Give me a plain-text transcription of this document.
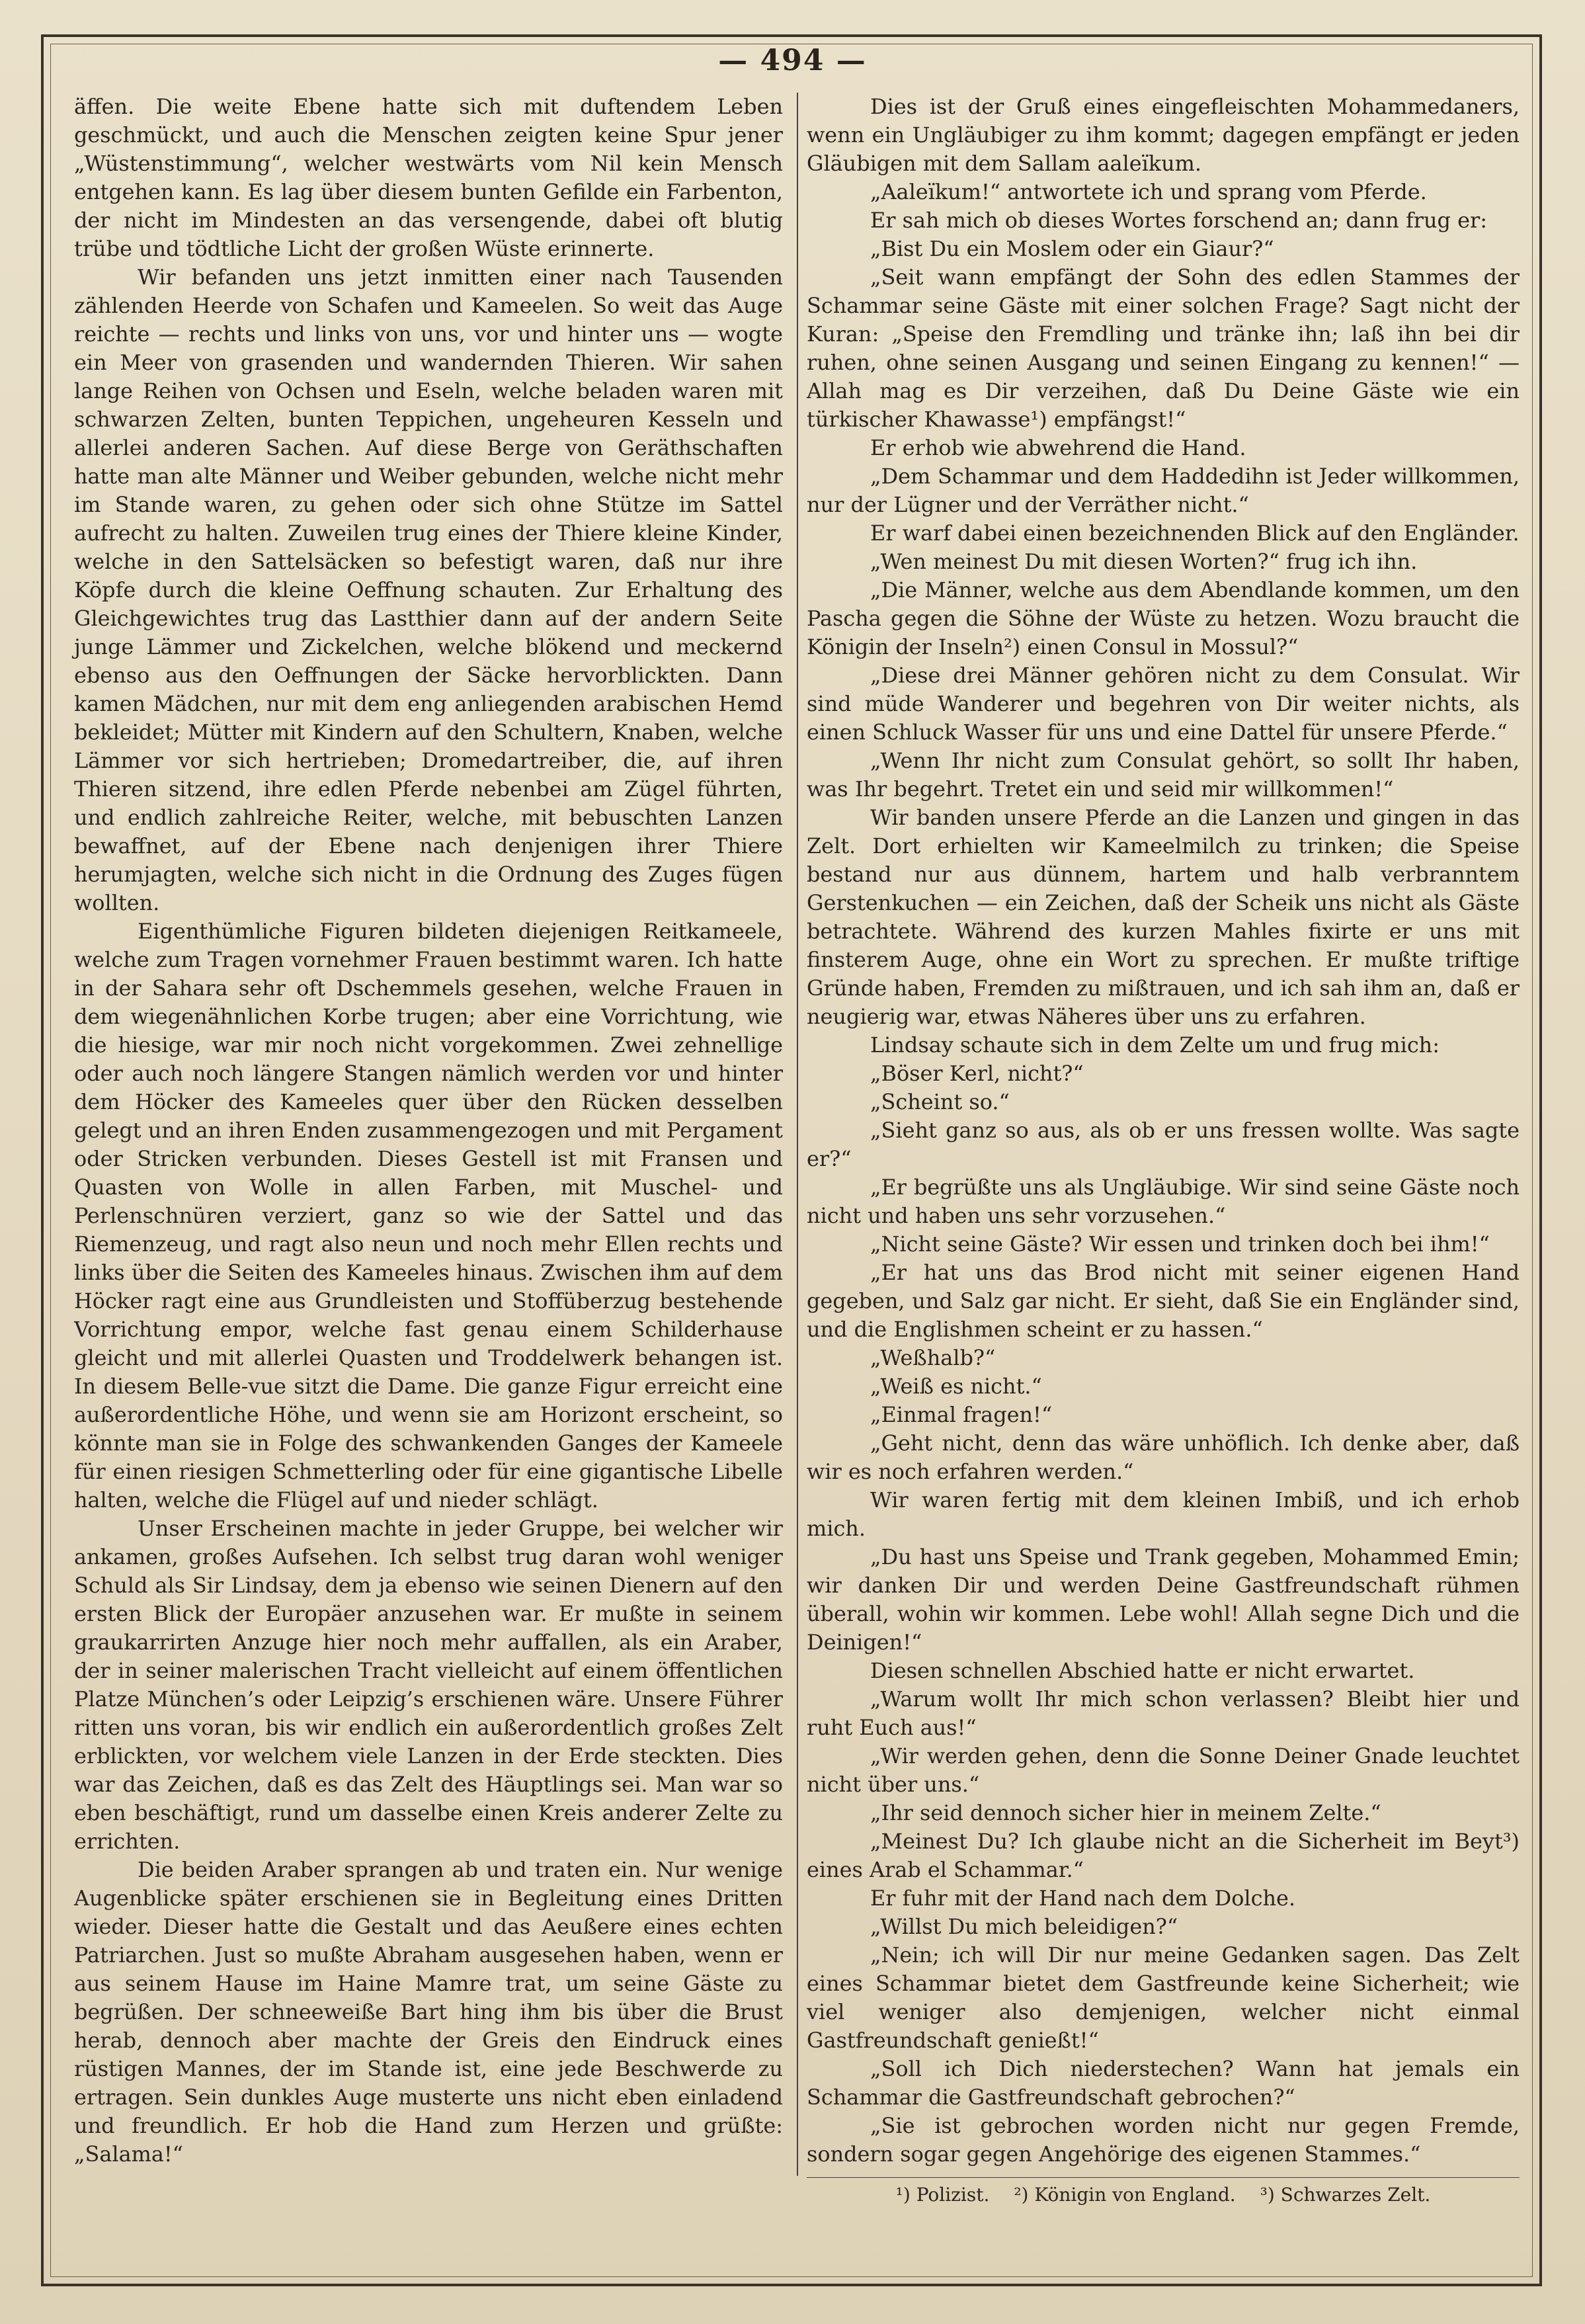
— 494 —

äffen. Die weite Ebene hatte sich mit duftendem Leben geschmückt, und auch die Menschen zeigten keine Spur jener „Wüstenstimmung“, welcher westwärts vom Nil kein Mensch entgehen kann. Es lag über diesem bunten Gefilde ein Farbenton, der nicht im Mindesten an das versengende, dabei oft blutig trübe und tödtliche Licht der großen Wüste erinnerte.

Wir befanden uns jetzt inmitten einer nach Tausenden zählenden Heerde von Schafen und Kameelen. So weit das Auge reichte — rechts und links von uns, vor und hinter uns — wogte ein Meer von grasenden und wandernden Thieren. Wir sahen lange Reihen von Ochsen und Eseln, welche beladen waren mit schwarzen Zelten, bunten Teppichen, ungeheuren Kesseln und allerlei anderen Sachen. Auf diese Berge von Geräthschaften hatte man alte Männer und Weiber gebunden, welche nicht mehr im Stande waren, zu gehen oder sich ohne Stütze im Sattel aufrecht zu halten. Zuweilen trug eines der Thiere kleine Kinder, welche in den Sattelsäcken so befestigt waren, daß nur ihre Köpfe durch die kleine Oeffnung schauten. Zur Erhaltung des Gleichgewichtes trug das Lastthier dann auf der andern Seite junge Lämmer und Zickelchen, welche blökend und meckernd ebenso aus den Oeffnungen der Säcke hervorblickten. Dann kamen Mädchen, nur mit dem eng anliegenden arabischen Hemd bekleidet; Mütter mit Kindern auf den Schultern, Knaben, welche Lämmer vor sich hertrieben; Dromedartreiber, die, auf ihren Thieren sitzend, ihre edlen Pferde nebenbei am Zügel führten, und endlich zahlreiche Reiter, welche, mit bebuschten Lanzen bewaffnet, auf der Ebene nach denjenigen ihrer Thiere herumjagten, welche sich nicht in die Ordnung des Zuges fügen wollten.

Eigenthümliche Figuren bildeten diejenigen Reitkameele, welche zum Tragen vornehmer Frauen bestimmt waren. Ich hatte in der Sahara sehr oft Dschemmels gesehen, welche Frauen in dem wiegenähnlichen Korbe trugen; aber eine Vorrichtung, wie die hiesige, war mir noch nicht vorgekommen. Zwei zehnellige oder auch noch längere Stangen nämlich werden vor und hinter dem Höcker des Kameeles quer über den Rücken desselben gelegt und an ihren Enden zusammengezogen und mit Pergament oder Stricken verbunden. Dieses Gestell ist mit Fransen und Quasten von Wolle in allen Farben, mit Muschel- und Perlenschnüren verziert, ganz so wie der Sattel und das Riemenzeug, und ragt also neun und noch mehr Ellen rechts und links über die Seiten des Kameeles hinaus. Zwischen ihm auf dem Höcker ragt eine aus Grundleisten und Stoffüberzug bestehende Vorrichtung empor, welche fast genau einem Schilderhause gleicht und mit allerlei Quasten und Troddelwerk behangen ist. In diesem Belle-vue sitzt die Dame. Die ganze Figur erreicht eine außerordentliche Höhe, und wenn sie am Horizont erscheint, so könnte man sie in Folge des schwankenden Ganges der Kameele für einen riesigen Schmetterling oder für eine gigantische Libelle halten, welche die Flügel auf und nieder schlägt.

Unser Erscheinen machte in jeder Gruppe, bei welcher wir ankamen, großes Aufsehen. Ich selbst trug daran wohl weniger Schuld als Sir Lindsay, dem ja ebenso wie seinen Dienern auf den ersten Blick der Europäer anzusehen war. Er mußte in seinem graukarrirten Anzuge hier noch mehr auffallen, als ein Araber, der in seiner malerischen Tracht vielleicht auf einem öffentlichen Platze München’s oder Leipzig’s erschienen wäre. Unsere Führer ritten uns voran, bis wir endlich ein außerordentlich großes Zelt erblickten, vor welchem viele Lanzen in der Erde steckten. Dies war das Zeichen, daß es das Zelt des Häuptlings sei. Man war so eben beschäftigt, rund um dasselbe einen Kreis anderer Zelte zu errichten.

Die beiden Araber sprangen ab und traten ein. Nur wenige Augenblicke später erschienen sie in Begleitung eines Dritten wieder. Dieser hatte die Gestalt und das Aeußere eines echten Patriarchen. Just so mußte Abraham ausgesehen haben, wenn er aus seinem Hause im Haine Mamre trat, um seine Gäste zu begrüßen. Der schneeweiße Bart hing ihm bis über die Brust herab, dennoch aber machte der Greis den Eindruck eines rüstigen Mannes, der im Stande ist, eine jede Beschwerde zu ertragen. Sein dunkles Auge musterte uns nicht eben einladend und freundlich. Er hob die Hand zum Herzen und grüßte: „Salama!“

Dies ist der Gruß eines eingefleischten Mohammedaners, wenn ein Ungläubiger zu ihm kommt; dagegen empfängt er jeden Gläubigen mit dem Sallam aaleïkum.

„Aaleïkum!“ antwortete ich und sprang vom Pferde.

Er sah mich ob dieses Wortes forschend an; dann frug er:

„Bist Du ein Moslem oder ein Giaur?“

„Seit wann empfängt der Sohn des edlen Stammes der Schammar seine Gäste mit einer solchen Frage? Sagt nicht der Kuran: „Speise den Fremdling und tränke ihn; laß ihn bei dir ruhen, ohne seinen Ausgang und seinen Eingang zu kennen!“ — Allah mag es Dir verzeihen, daß Du Deine Gäste wie ein türkischer Khawasse¹) empfängst!“

Er erhob wie abwehrend die Hand.

„Dem Schammar und dem Haddedihn ist Jeder willkommen, nur der Lügner und der Verräther nicht.“

Er warf dabei einen bezeichnenden Blick auf den Engländer.

„Wen meinest Du mit diesen Worten?“ frug ich ihn.

„Die Männer, welche aus dem Abendlande kommen, um den Pascha gegen die Söhne der Wüste zu hetzen. Wozu braucht die Königin der Inseln²) einen Consul in Mossul?“

„Diese drei Männer gehören nicht zu dem Consulat. Wir sind müde Wanderer und begehren von Dir weiter nichts, als einen Schluck Wasser für uns und eine Dattel für unsere Pferde.“

„Wenn Ihr nicht zum Consulat gehört, so sollt Ihr haben, was Ihr begehrt. Tretet ein und seid mir willkommen!“

Wir banden unsere Pferde an die Lanzen und gingen in das Zelt. Dort erhielten wir Kameelmilch zu trinken; die Speise bestand nur aus dünnem, hartem und halb verbranntem Gerstenkuchen — ein Zeichen, daß der Scheik uns nicht als Gäste betrachtete. Während des kurzen Mahles fixirte er uns mit finsterem Auge, ohne ein Wort zu sprechen. Er mußte triftige Gründe haben, Fremden zu mißtrauen, und ich sah ihm an, daß er neugierig war, etwas Näheres über uns zu erfahren.

Lindsay schaute sich in dem Zelte um und frug mich:

„Böser Kerl, nicht?“

„Scheint so.“

„Sieht ganz so aus, als ob er uns fressen wollte. Was sagte er?“

„Er begrüßte uns als Ungläubige. Wir sind seine Gäste noch nicht und haben uns sehr vorzusehen.“

„Nicht seine Gäste? Wir essen und trinken doch bei ihm!“

„Er hat uns das Brod nicht mit seiner eigenen Hand gegeben, und Salz gar nicht. Er sieht, daß Sie ein Engländer sind, und die Englishmen scheint er zu hassen.“

„Weßhalb?“

„Weiß es nicht.“

„Einmal fragen!“

„Geht nicht, denn das wäre unhöflich. Ich denke aber, daß wir es noch erfahren werden.“

Wir waren fertig mit dem kleinen Imbiß, und ich erhob mich.

„Du hast uns Speise und Trank gegeben, Mohammed Emin; wir danken Dir und werden Deine Gastfreundschaft rühmen überall, wohin wir kommen. Lebe wohl! Allah segne Dich und die Deinigen!“

Diesen schnellen Abschied hatte er nicht erwartet.

„Warum wollt Ihr mich schon verlassen? Bleibt hier und ruht Euch aus!“

„Wir werden gehen, denn die Sonne Deiner Gnade leuchtet nicht über uns.“

„Ihr seid dennoch sicher hier in meinem Zelte.“

„Meinest Du? Ich glaube nicht an die Sicherheit im Beyt³) eines Arab el Schammar.“

Er fuhr mit der Hand nach dem Dolche.

„Willst Du mich beleidigen?“

„Nein; ich will Dir nur meine Gedanken sagen. Das Zelt eines Schammar bietet dem Gastfreunde keine Sicherheit; wie viel weniger also demjenigen, welcher nicht einmal Gastfreundschaft genießt!“

„Soll ich Dich niederstechen? Wann hat jemals ein Schammar die Gastfreundschaft gebrochen?“

„Sie ist gebrochen worden nicht nur gegen Fremde, sondern sogar gegen Angehörige des eigenen Stammes.“

¹) Polizist. ²) Königin von England. ³) Schwarzes Zelt.
